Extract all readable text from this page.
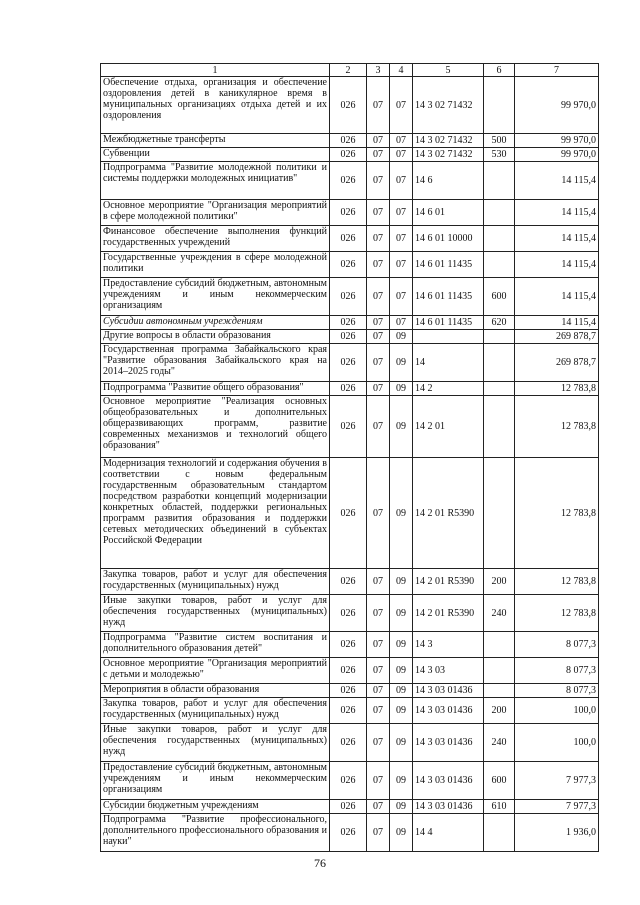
1	2	3	4	5	6	7
Обеспечение отдыха, организация и обеспечение оздоровления детей в каникулярное время в муниципальных организациях отдыха детей и их оздоровления	026	07	07	14 3 02 71432		99 970,0
Межбюджетные трансферты	026	07	07	14 3 02 71432	500	99 970,0
Субвенции	026	07	07	14 3 02 71432	530	99 970,0
Подпрограмма "Развитие молодежной политики и системы поддержки молодежных инициатив"	026	07	07	14 6		14 115,4
Основное мероприятие "Организация мероприятий в сфере молодежной политики"	026	07	07	14 6 01		14 115,4
Финансовое обеспечение выполнения функций государственных учреждений	026	07	07	14 6 01 10000		14 115,4
Государственные учреждения в сфере молодежной политики	026	07	07	14 6 01 11435		14 115,4
Предоставление субсидий бюджетным, автономным учреждениям и иным некоммерческим организациям	026	07	07	14 6 01 11435	600	14 115,4
Субсидии автономным учреждениям	026	07	07	14 6 01 11435	620	14 115,4
Другие вопросы в области образования	026	07	09			269 878,7
Государственная программа Забайкальского края "Развитие образования Забайкальского края на 2014–2025 годы"	026	07	09	14		269 878,7
Подпрограмма "Развитие общего образования"	026	07	09	14 2		12 783,8
Основное мероприятие "Реализация основных общеобразовательных и дополнительных общеразвивающих программ, развитие современных механизмов и технологий общего образования"	026	07	09	14 2 01		12 783,8
Модернизация технологий и содержания обучения в соответствии с новым федеральным государственным образовательным стандартом посредством разработки концепций модернизации конкретных областей, поддержки региональных программ развития образования и поддержки сетевых методических объединений в субъектах Российской Федерации	026	07	09	14 2 01 R5390		12 783,8
Закупка товаров, работ и услуг для обеспечения государственных (муниципальных) нужд	026	07	09	14 2 01 R5390	200	12 783,8
Иные закупки товаров, работ и услуг для обеспечения государственных (муниципальных) нужд	026	07	09	14 2 01 R5390	240	12 783,8
Подпрограмма "Развитие систем воспитания и дополнительного образования детей"	026	07	09	14 3		8 077,3
Основное мероприятие "Организация мероприятий с детьми и молодежью"	026	07	09	14 3 03		8 077,3
Мероприятия в области образования	026	07	09	14 3 03 01436		8 077,3
Закупка товаров, работ и услуг для обеспечения государственных (муниципальных) нужд	026	07	09	14 3 03 01436	200	100,0
Иные закупки товаров, работ и услуг для обеспечения государственных (муниципальных) нужд	026	07	09	14 3 03 01436	240	100,0
Предоставление субсидий бюджетным, автономным учреждениям и иным некоммерческим организациям	026	07	09	14 3 03 01436	600	7 977,3
Субсидии бюджетным учреждениям	026	07	09	14 3 03 01436	610	7 977,3
Подпрограмма "Развитие профессионального, дополнительного профессионального образования и науки"	026	07	09	14 4		1 936,0
76
